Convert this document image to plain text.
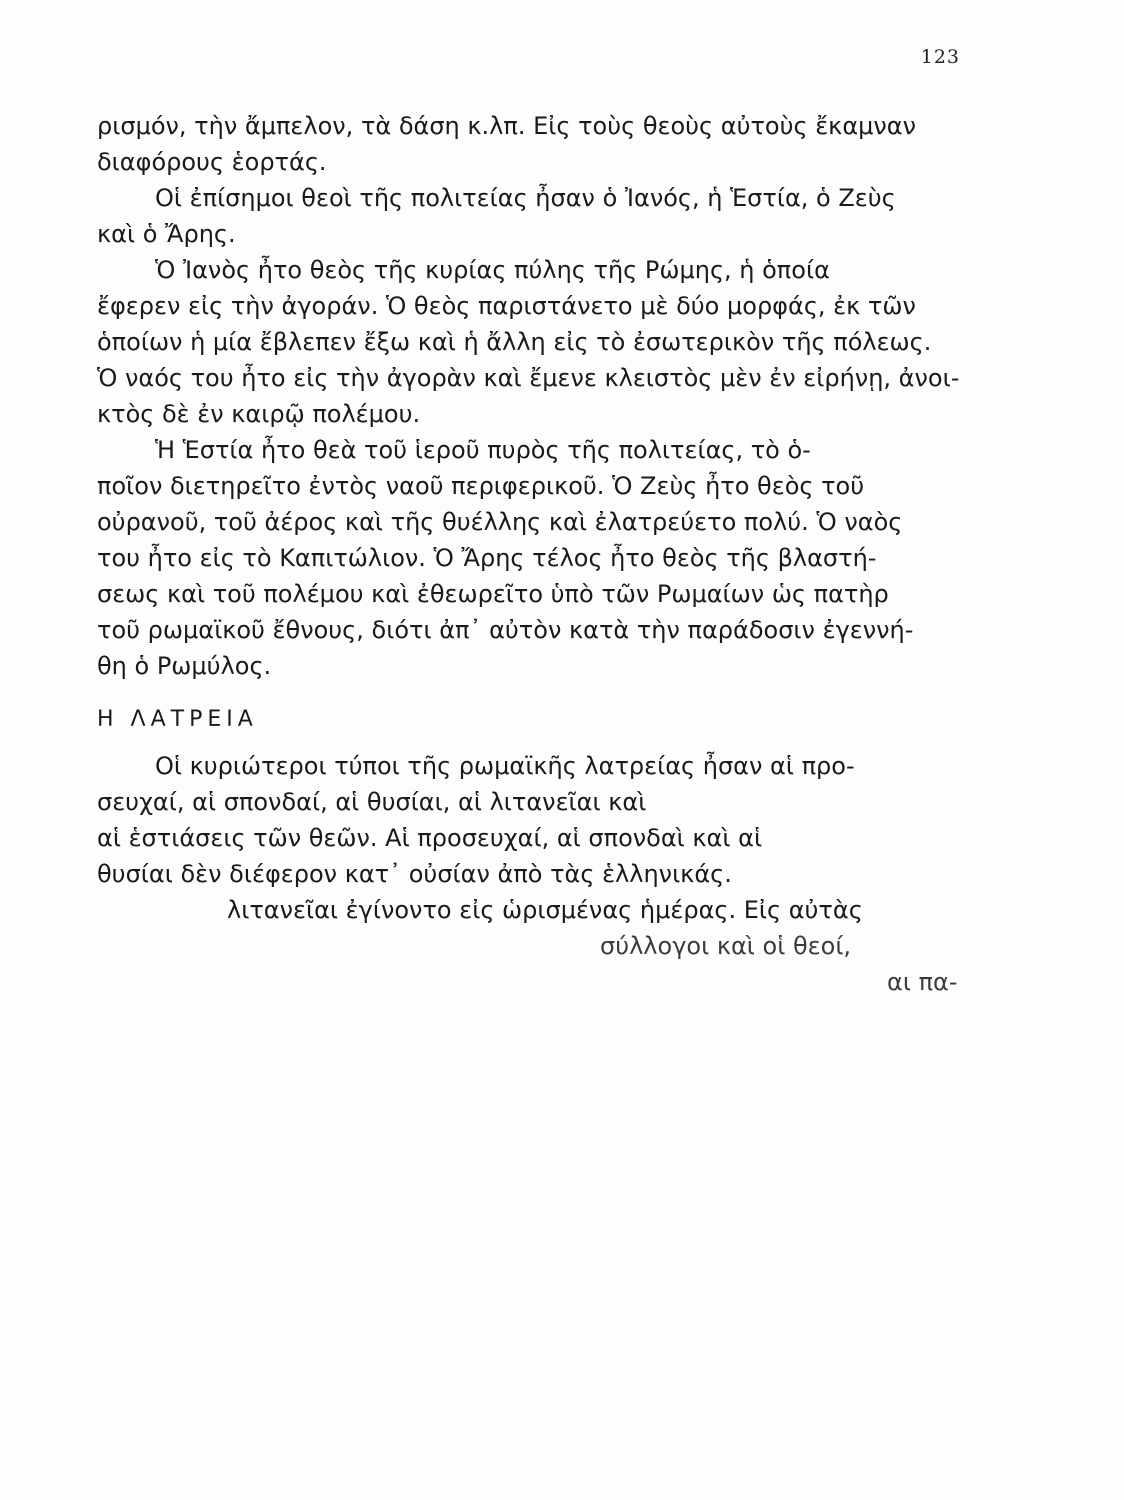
123
ρισμόν, τὴν ἄμπελον, τὰ δάση κ.λπ. Εἰς τοὺς θεοὺς αὐτοὺς ἔκαμναν
διαφόρους ἑορτάς.
Οἱ ἐπίσημοι θεοὶ τῆς πολιτείας ἦσαν ὁ Ἰανός, ἡ Ἑστία, ὁ Ζεὺς
καὶ ὁ Ἄρης.
Ὁ Ἰανὸς ἦτο θεὸς τῆς κυρίας πύλης τῆς Ρώμης, ἡ ὁποία
ἔφερεν εἰς τὴν ἀγοράν. Ὁ θεὸς παριστάνετο μὲ δύο μορφάς, ἐκ τῶν
ὁποίων ἡ μία ἔβλεπεν ἔξω καὶ ἡ ἄλλη εἰς τὸ ἐσωτερικὸν τῆς πόλεως.
Ὁ ναός του ἦτο εἰς τὴν ἀγορὰν καὶ ἔμενε κλειστὸς μὲν ἐν εἰρήνῃ, ἀνοι-
κτὸς δὲ ἐν καιρῷ πολέμου.
Ἡ Ἑστία ἦτο θεὰ τοῦ ἱεροῦ πυρὸς τῆς πολιτείας, τὸ ὁ-
ποῖον διετηρεῖτο ἐντὸς ναοῦ περιφερικοῦ. Ὁ Ζεὺς ἦτο θεὸς τοῦ
οὐρανοῦ, τοῦ ἀέρος καὶ τῆς θυέλλης καὶ ἐλατρεύετο πολύ. Ὁ ναὸς
του ἦτο εἰς τὸ Καπιτώλιον. Ὁ Ἄρης τέλος ἦτο θεὸς τῆς βλαστή-
σεως καὶ τοῦ πολέμου καὶ ἐθεωρεῖτο ὑπὸ τῶν Ρωμαίων ὡς πατὴρ
τοῦ ρωμαϊκοῦ ἔθνους, διότι ἀπ᾽ αὐτὸν κατὰ τὴν παράδοσιν ἐγεννή-
θη ὁ Ρωμύλος.
Η ΛΑΤΡΕΙΑ
Οἱ κυριώτεροι τύποι τῆς ρωμαϊκῆς λατρείας ἦσαν αἱ προ-
σευχαί, αἱ σπονδαί, αἱ θυσίαι, αἱ λιτανεῖαι καὶ
αἱ ἑστιάσεις τῶν θεῶν. Αἱ προσευχαί, αἱ σπονδαὶ καὶ αἱ
θυσίαι δὲν διέφερον κατ᾽ οὐσίαν ἀπὸ τὰς ἑλληνικάς.
λιτανεῖαι ἐγίνοντο εἰς ὡρισμένας ἡμέρας. Εἰς αὐτὰς
σύλλογοι καὶ οἱ θεοί,
αι πα-
